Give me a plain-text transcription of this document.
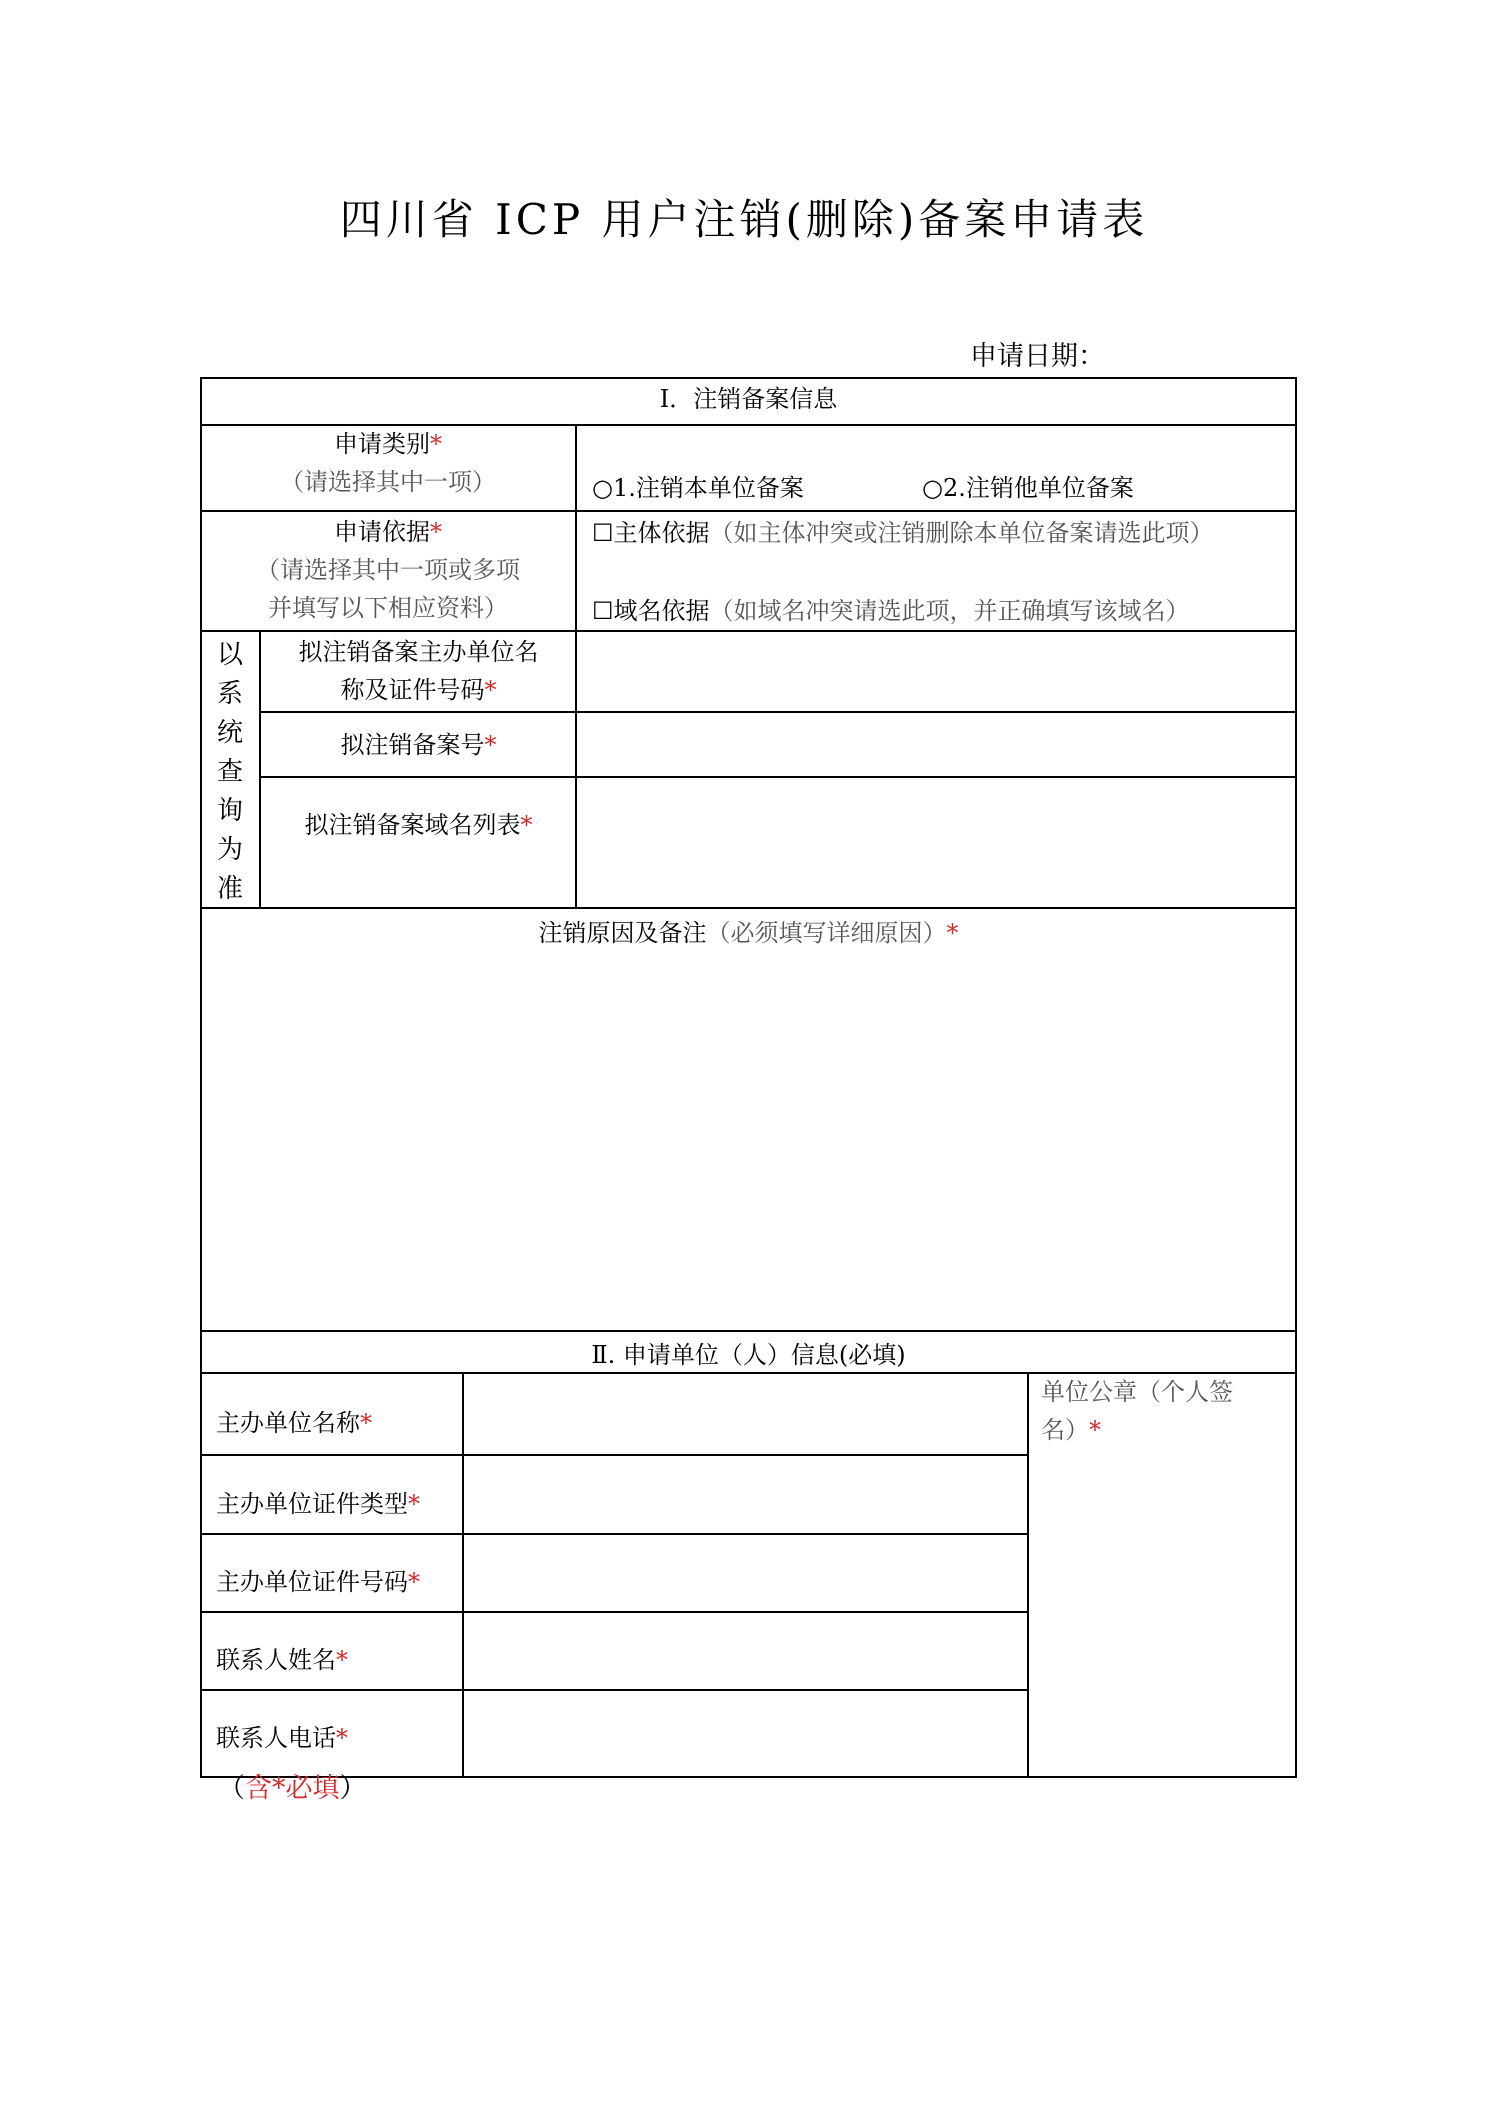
四川省 ICP 用户注销(删除)备案申请表
申请日期：
Ⅰ．注销备案信息
申请类别*
（请选择其中一项）	○1.注销本单位备案	○2.注销他单位备案
申请依据*
（请选择其中一项或多项
并填写以下相应资料）
☐主体依据（如主体冲突或注销删除本单位备案请选此项）
☐域名依据（如域名冲突请选此项，并正确填写该域名）
以
系
统
查
询
为
准
拟注销备案主办单位名
称及证件号码*
拟注销备案号*
拟注销备案域名列表*
注销原因及备注（必须填写详细原因）*
Ⅱ. 申请单位（人）信息(必填)
主办单位名称*
主办单位证件类型*
主办单位证件号码*
联系人姓名*
联系人电话*
单位公章（个人签
名）*
（含*必填）
